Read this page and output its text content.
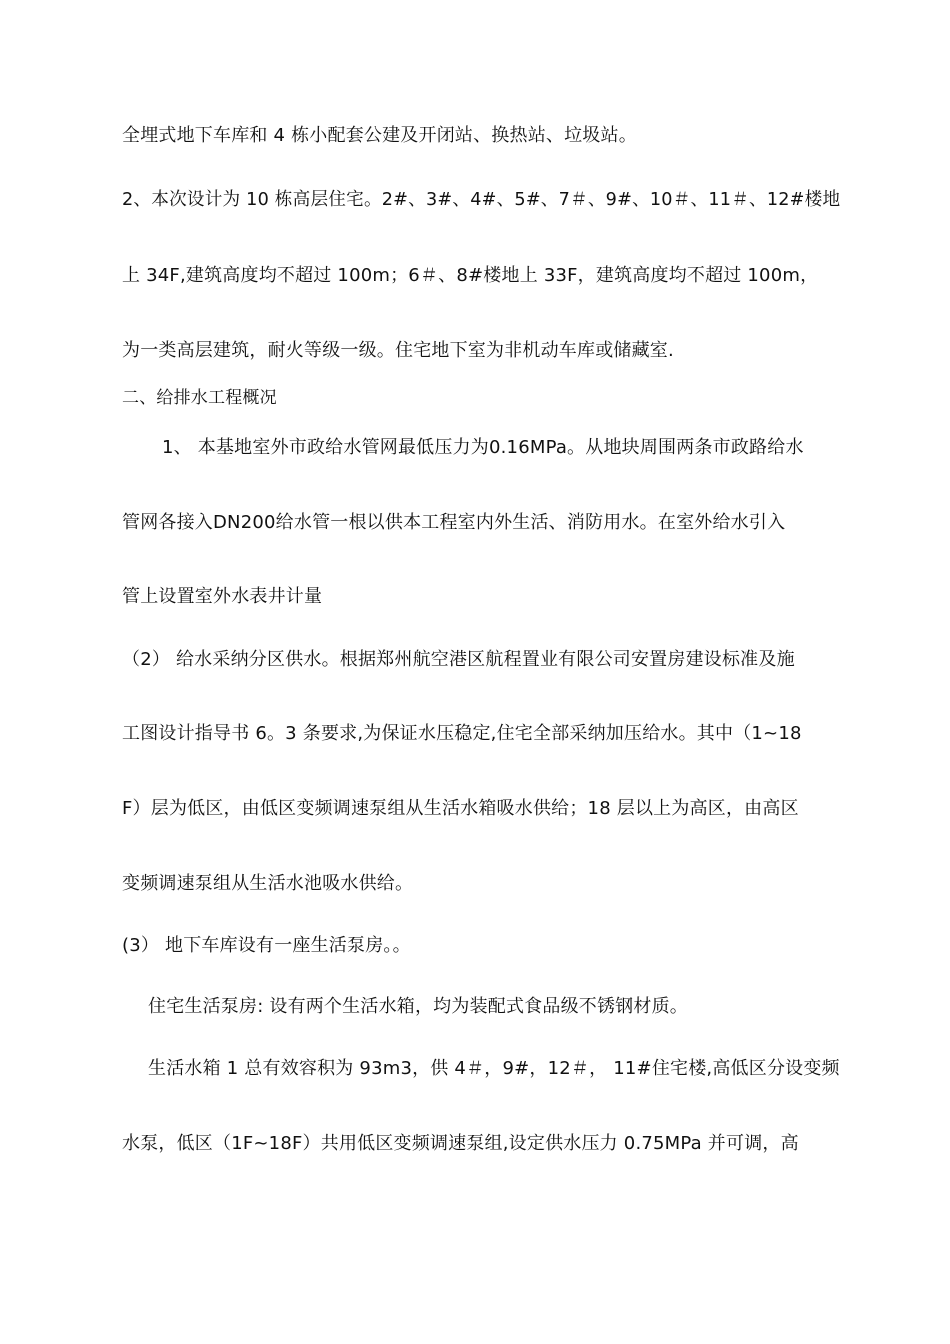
全埋式地下车库和 4 栋小配套公建及开闭站、换热站、垃圾站。
2、本次设计为 10 栋高层住宅。2#、3#、4#、5#、7＃、9#、10＃、11＃、12#楼地
上 34F,建筑高度均不超过 100m；6＃、8#楼地上 33F，建筑高度均不超过 100m，
为一类高层建筑，耐火等级一级。住宅地下室为非机动车库或储藏室.
二、给排水工程概况
1、 本基地室外市政给水管网最低压力为0.16MPa。从地块周围两条市政路给水
管网各接入DN200给水管一根以供本工程室内外生活、消防用水。在室外给水引入
管上设置室外水表井计量
（2） 给水采纳分区供水。根据郑州航空港区航程置业有限公司安置房建设标准及施
工图设计指导书 6。3 条要求,为保证水压稳定,住宅全部采纳加压给水。其中（1~18
F）层为低区，由低区变频调速泵组从生活水箱吸水供给；18 层以上为高区，由高区
变频调速泵组从生活水池吸水供给。
(3） 地下车库设有一座生活泵房。。
住宅生活泵房: 设有两个生活水箱，均为装配式食品级不锈钢材质。
生活水箱 1 总有效容积为 93m3，供 4＃，9#，12＃， 11#住宅楼,高低区分设变频
水泵，低区（1F~18F）共用低区变频调速泵组,设定供水压力 0.75MPa 并可调，高
